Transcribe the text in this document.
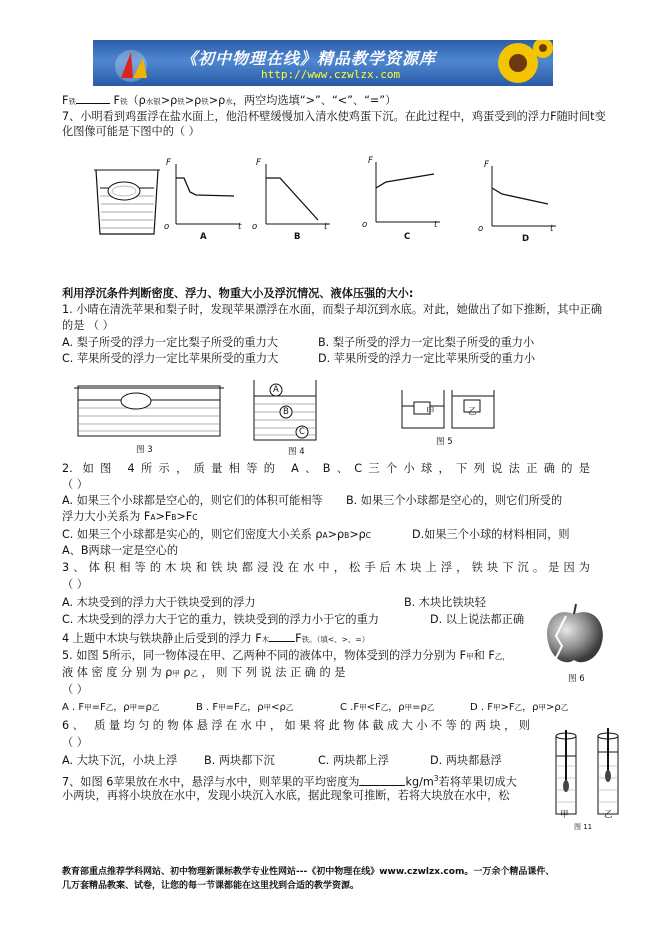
《初中物理在线》精品教学资源库
http://www.czwlzx.com
F铁	F铁（ρ水银>ρ铁>ρ铁>ρ水，两空均选填“>”、“<”、“=”）
7、小明看到鸡蛋浮在盐水面上，他沿杯壁缓慢加入清水使鸡蛋下沉。在此过程中，鸡蛋受到的浮力F随时间t变
化图像可能是下图中的（ ）
F
o	t
A
F
o	t
B
F
o	t
C
F
o	t
D
利用浮沉条件判断密度、浮力、物重大小及浮沉情况、液体压强的大小:
1. 小晴在清洗苹果和梨子时，发现苹果漂浮在水面，而梨子却沉到水底。对此，她做出了如下推断，其中正确
的是 （ ）
A. 梨子所受的浮力一定比梨子所受的重力大	B. 梨子所受的浮力一定比梨子所受的重力小
C. 苹果所受的浮力一定比苹果所受的重力大	D. 苹果所受的浮力一定比苹果所受的重力小
图 3
A
B
C
图 4
甲	乙
图 5
2. 如图 4所示，质量相等的 A、B、C三个小球，下列说法正确的是
（ ）
A. 如果三个小球都是空心的，则它们的体积可能相等 B. 如果三个小球都是空心的，则它们所受的
浮力大小关系为 FA>FB>FC
C. 如果三个小球都是实心的，则它们密度大小关系 ρA>ρB>ρC	D.如果三个小球的材料相同，则
A、B两球一定是空心的
3、体积相等的木块和铁块都浸没在水中，松手后木块上浮，铁块下沉。是因为
（ ）
A. 木块受到的浮力大于铁块受到的浮力	B. 木块比铁块轻
C. 木块受到的浮力大于它的重力，铁块受到的浮力小于它的重力	D. 以上说法都正确
图 6
4 上题中木块与铁块静止后受到的浮力 F木 F铁。（填<、>、=）
5. 如图 5所示，同一物体浸在甲、乙两种不同的液体中，物体受到的浮力分别为 F甲和 F乙，
液 体 密 度 分 别 为 ρ甲 ρ乙 ， 则 下 列 说 法 正 确 的 是
（ ）
A . F甲=F乙，ρ甲=ρ乙	B . F甲=F乙，ρ甲<ρ乙	C .F甲<F乙，ρ甲=ρ乙	D . F甲>F乙，ρ甲>ρ乙
6、 质量均匀的物体悬浮在水中，如果将此物体截成大小不等的两块，则
（ ）
A. 大块下沉，小块上浮 B. 两块都下沉	C. 两块都上浮	D. 两块都悬浮
7、如图 6苹果放在水中，悬浮与水中，则苹果的平均密度为	$kg/m^3$若将苹果切成大
小两块，再将小块放在水中，发现小块沉入水底，据此现象可推断，若将大块放在水中，松
甲	乙
图 11
教育部重点推荐学科网站、初中物理新课标教学专业性网站---《初中物理在线》www.czwlzx.com。一万余个精品课件、
几万套精品教案、试卷，让您的每一节课都能在这里找到合适的教学资源。
